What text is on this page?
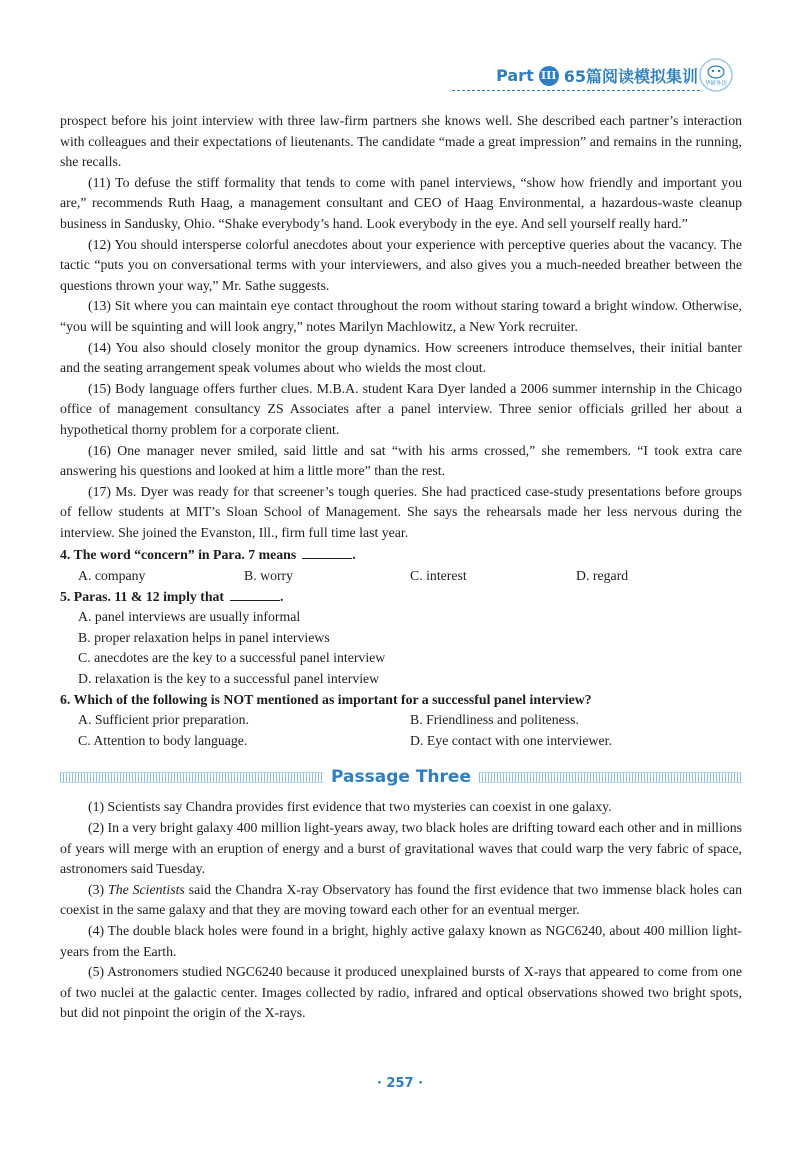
Part III 65篇阅读模拟集训 华研外语

prospect before his joint interview with three law-firm partners she knows well. She described each partner’s interaction with colleagues and their expectations of lieutenants. The candidate “made a great impression” and remains in the running, she recalls.

(11) To defuse the stiff formality that tends to come with panel interviews, “show how friendly and important you are,” recommends Ruth Haag, a management consultant and CEO of Haag Environmental, a hazardous-waste cleanup business in Sandusky, Ohio. “Shake everybody’s hand. Look everybody in the eye. And sell yourself really hard.”

(12) You should intersperse colorful anecdotes about your experience with perceptive queries about the vacancy. The tactic “puts you on conversational terms with your interviewers, and also gives you a much-needed breather between the questions thrown your way,” Mr. Sathe suggests.

(13) Sit where you can maintain eye contact throughout the room without staring toward a bright window. Otherwise, “you will be squinting and will look angry,” notes Marilyn Machlowitz, a New York recruiter.

(14) You also should closely monitor the group dynamics. How screeners introduce themselves, their initial banter and the seating arrangement speak volumes about who wields the most clout.

(15) Body language offers further clues. M.B.A. student Kara Dyer landed a 2006 summer internship in the Chicago office of management consultancy ZS Associates after a panel interview. Three senior officials grilled her about a hypothetical thorny problem for a corporate client.

(16) One manager never smiled, said little and sat “with his arms crossed,” she remembers. “I took extra care answering his questions and looked at him a little more” than the rest.

(17) Ms. Dyer was ready for that screener’s tough queries. She had practiced case-study presentations before groups of fellow students at MIT’s Sloan School of Management. She says the rehearsals made her less nervous during the interview. She joined the Evanston, Ill., firm full time last year.

4. The word “concern” in Para. 7 means	.

A. company	B. worry	C. interest	D. regard

5. Paras. 11 & 12 imply that	.

A. panel interviews are usually informal
B. proper relaxation helps in panel interviews
C. anecdotes are the key to a successful panel interview
D. relaxation is the key to a successful panel interview

6. Which of the following is NOT mentioned as important for a successful panel interview?

A. Sufficient prior preparation.	B. Friendliness and politeness.
C. Attention to body language.	D. Eye contact with one interviewer.
Passage Three

(1) Scientists say Chandra provides first evidence that two mysteries can coexist in one galaxy.

(2) In a very bright galaxy 400 million light-years away, two black holes are drifting toward each other and in millions of years will merge with an eruption of energy and a burst of gravitational waves that could warp the very fabric of space, astronomers said Tuesday.

(3) The Scientists said the Chandra X-ray Observatory has found the first evidence that two immense black holes can coexist in the same galaxy and that they are moving toward each other for an eventual merger.

(4) The double black holes were found in a bright, highly active galaxy known as NGC6240, about 400 million light-years from the Earth.

(5) Astronomers studied NGC6240 because it produced unexplained bursts of X-rays that appeared to come from one of two nuclei at the galactic center. Images collected by radio, infrared and optical observations showed two bright spots, but did not pinpoint the origin of the X-rays.

· 257 ·
